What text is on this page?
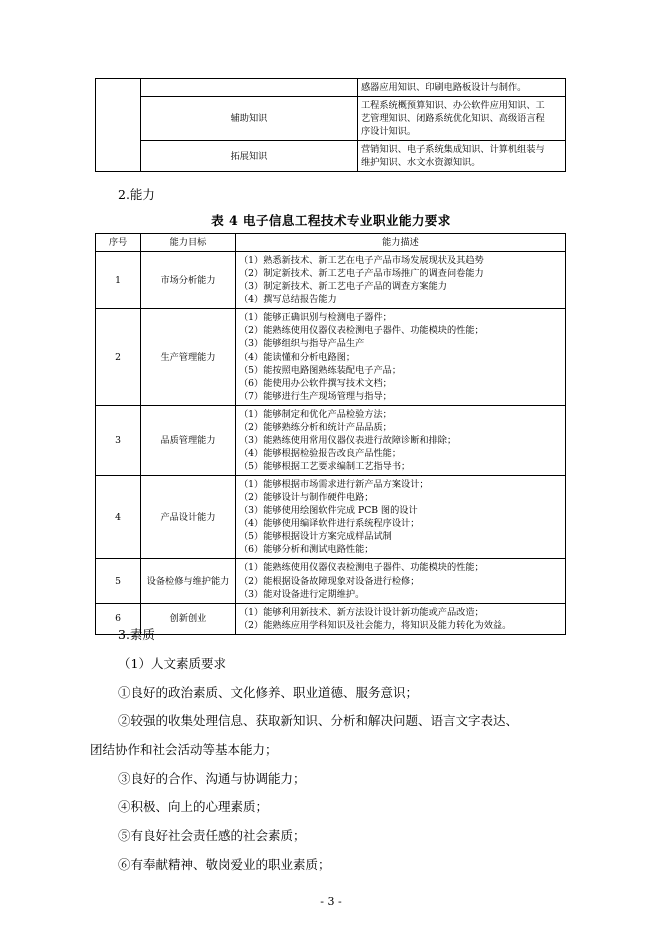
		感器应用知识、印刷电路板设计与制作。

	辅助知识	工程系统概预算知识、办公软件应用知识、工
艺管理知识、闭路系统优化知识、高级语言程
序设计知识。

	拓展知识	营销知识、电子系统集成知识、计算机组装与
维护知识、水文水资源知识。
2.能力
表 4 电子信息工程技术专业职业能力要求
序号	能力目标	能力描述
1	市场分析能力	（1）熟悉新技术、新工艺在电子产品市场发展现状及其趋势
（2）制定新技术、新工艺电子产品市场推广的调查问卷能力
（3）制定新技术、新工艺电子产品的调查方案能力
（4）撰写总结报告能力

2	生产管理能力	
（1）能够正确识别与检测电子器件；
（2）能熟练使用仪器仪表检测电子器件、功能模块的性能；
（3）能够组织与指导产品生产
（4）能读懂和分析电路图；
（5）能按照电路图熟练装配电子产品；
（6）能使用办公软件撰写技术文档；
（7）能够进行生产现场管理与指导；

3	品质管理能力	（1）能够制定和优化产品检验方法；
（2）能够熟练分析和统计产品品质；
（3）能熟练使用常用仪器仪表进行故障诊断和排除；
（4）能够根据检验报告改良产品性能；
（5）能够根据工艺要求编制工艺指导书；

4	产品设计能力	
（1）能够根据市场需求进行新产品方案设计；
（2）能够设计与制作硬件电路；
（3）能够使用绘图软件完成 PCB 图的设计
（4）能够使用编译软件进行系统程序设计；
（5）能够根据设计方案完成样品试制
（6）能够分析和测试电路性能；

5	设备检修与维护能力	（1）能熟练使用仪器仪表检测电子器件、功能模块的性能；
（2）能根据设备故障现象对设备进行检修；
（3）能对设备进行定期维护。

6	创新创业	（1）能够利用新技术、新方法设计设计新功能或产品改造；
（2）能熟练应用学科知识及社会能力，将知识及能力转化为效益。
3.素质
（1）人文素质要求
①良好的政治素质、文化修养、职业道德、服务意识；
②较强的收集处理信息、获取新知识、分析和解决问题、语言文字表达、
团结协作和社会活动等基本能力；
③良好的合作、沟通与协调能力；
④积极、向上的心理素质；
⑤有良好社会责任感的社会素质；
⑥有奉献精神、敬岗爱业的职业素质；
- 3 -
